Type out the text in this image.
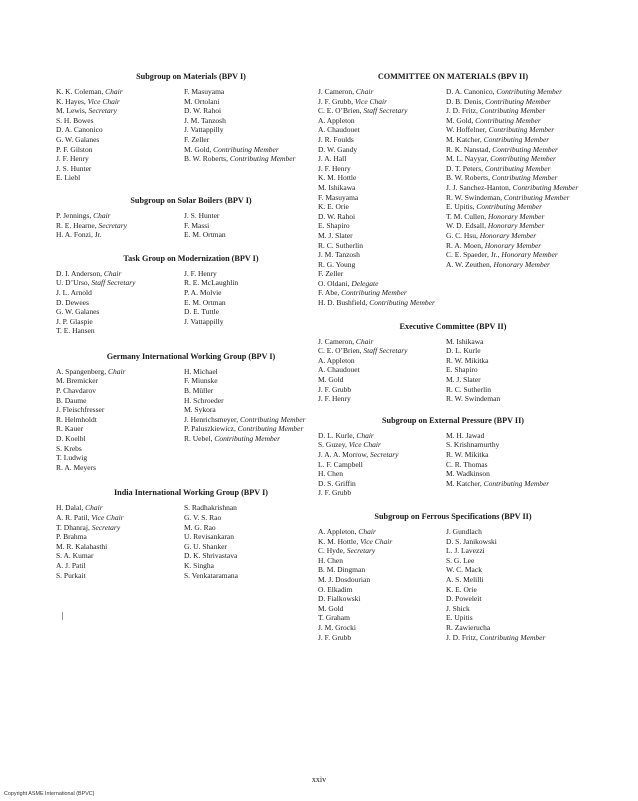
Subgroup on Materials (BPV I)
K. K. Coleman, Chair
K. Hayes, Vice Chair
M. Lewis, Secretary
S. H. Bowes
D. A. Canonico
G. W. Galanes
P. F. Gilston
J. F. Henry
J. S. Hunter
E. Liebl
F. Masuyama
M. Ortolani
D. W. Rahoi
J. M. Tanzosh
J. Vattappilly
F. Zeller
M. Gold, Contributing Member
B. W. Roberts, Contributing Member
Subgroup on Solar Boilers (BPV I)
P. Jennings, Chair
R. E. Hearne, Secretary
H. A. Fonzi, Jr.
J. S. Hunter
F. Massi
E. M. Ortman
Task Group on Modernization (BPV I)
D. I. Anderson, Chair
U. D’Urso, Staff Secretary
J. L. Arnold
D. Dewees
G. W. Galanes
J. P. Glaspie
T. E. Hansen
J. F. Henry
R. E. McLaughlin
P. A. Molvie
E. M. Ortman
D. E. Tuttle
J. Vattappilly
Germany International Working Group (BPV I)
A. Spangenberg, Chair
M. Bremicker
P. Chavdarov
B. Daume
J. Fleischfresser
R. Helmholdt
R. Kauer
D. Koelbl
S. Krebs
T. Ludwig
R. A. Meyers
H. Michael
F. Miunske
B. Müller
H. Schroeder
M. Sykora
J. Henrichsmeyer, Contributing Member
P. Paluszkiewicz, Contributing Member
R. Uebel, Contributing Member
India International Working Group (BPV I)
H. Dalal, Chair
A. R. Patil, Vice Chair
T. Dhanraj, Secretary
P. Brahma
M. R. Kalahasthi
S. A. Kumar
A. J. Patil
S. Purkait
S. Radhakrishnan
G. V. S. Rao
M. G. Rao
U. Revisankaran
G. U. Shanker
D. K. Shrivastava
K. Singha
S. Venkataramana
COMMITTEE ON MATERIALS (BPV II)
J. Cameron, Chair
J. F. Grubb, Vice Chair
C. E. O’Brien, Staff Secretary
A. Appleton
A. Chaudouet
J. R. Foulds
D. W. Gandy
J. A. Hall
J. F. Henry
K. M. Hottle
M. Ishikawa
F. Masuyama
K. E. Orie
D. W. Rahoi
E. Shapiro
M. J. Slater
R. C. Sutherlin
J. M. Tanzosh
R. G. Young
F. Zeller
O. Oldani, Delegate
F. Abe, Contributing Member
H. D. Bushfield, Contributing Member
D. A. Canonico, Contributing Member
D. B. Denis, Contributing Member
J. D. Fritz, Contributing Member
M. Gold, Contributing Member
W. Hoffelner, Contributing Member
M. Katcher, Contributing Member
R. K. Nanstad, Contributing Member
M. L. Nayyar, Contributing Member
D. T. Peters, Contributing Member
B. W. Roberts, Contributing Member
J. J. Sanchez-Hanton, Contributing Member
R. W. Swindeman, Contributing Member
E. Upitis, Contributing Member
T. M. Cullen, Honorary Member
W. D. Edsall, Honorary Member
G. C. Hsu, Honorary Member
R. A. Moen, Honorary Member
C. E. Spaeder, Jr., Honorary Member
A. W. Zeuthen, Honorary Member
Executive Committee (BPV II)
J. Cameron, Chair
C. E. O’Brien, Staff Secretary
A. Appleton
A. Chaudouet
M. Gold
J. F. Grubb
J. F. Henry
M. Ishikawa
D. L. Kurle
R. W. Mikitka
E. Shapiro
M. J. Slater
R. C. Sutherlin
R. W. Swindeman
Subgroup on External Pressure (BPV II)
D. L. Kurle, Chair
S. Guzey, Vice Chair
J. A. A. Morrow, Secretary
L. F. Campbell
H. Chen
D. S. Griffin
J. F. Grubb
M. H. Jawad
S. Krishnamurthy
R. W. Mikitka
C. R. Thomas
M. Wadkinson
M. Katcher, Contributing Member
Subgroup on Ferrous Specifications (BPV II)
A. Appleton, Chair
K. M. Hottle, Vice Chair
C. Hyde, Secretary
H. Chen
B. M. Dingman
M. J. Dosdourian
O. Elkadim
D. Fialkowski
M. Gold
T. Graham
J. M. Grocki
J. F. Grubb
J. Gundlach
D. S. Janikowski
L. J. Lavezzi
S. G. Lee
W. C. Mack
A. S. Melilli
K. E. Orie
D. Poweleit
J. Shick
E. Upitis
R. Zawierucha
J. D. Fritz, Contributing Member
xxiv
Copyright ASME International (BPVC)
